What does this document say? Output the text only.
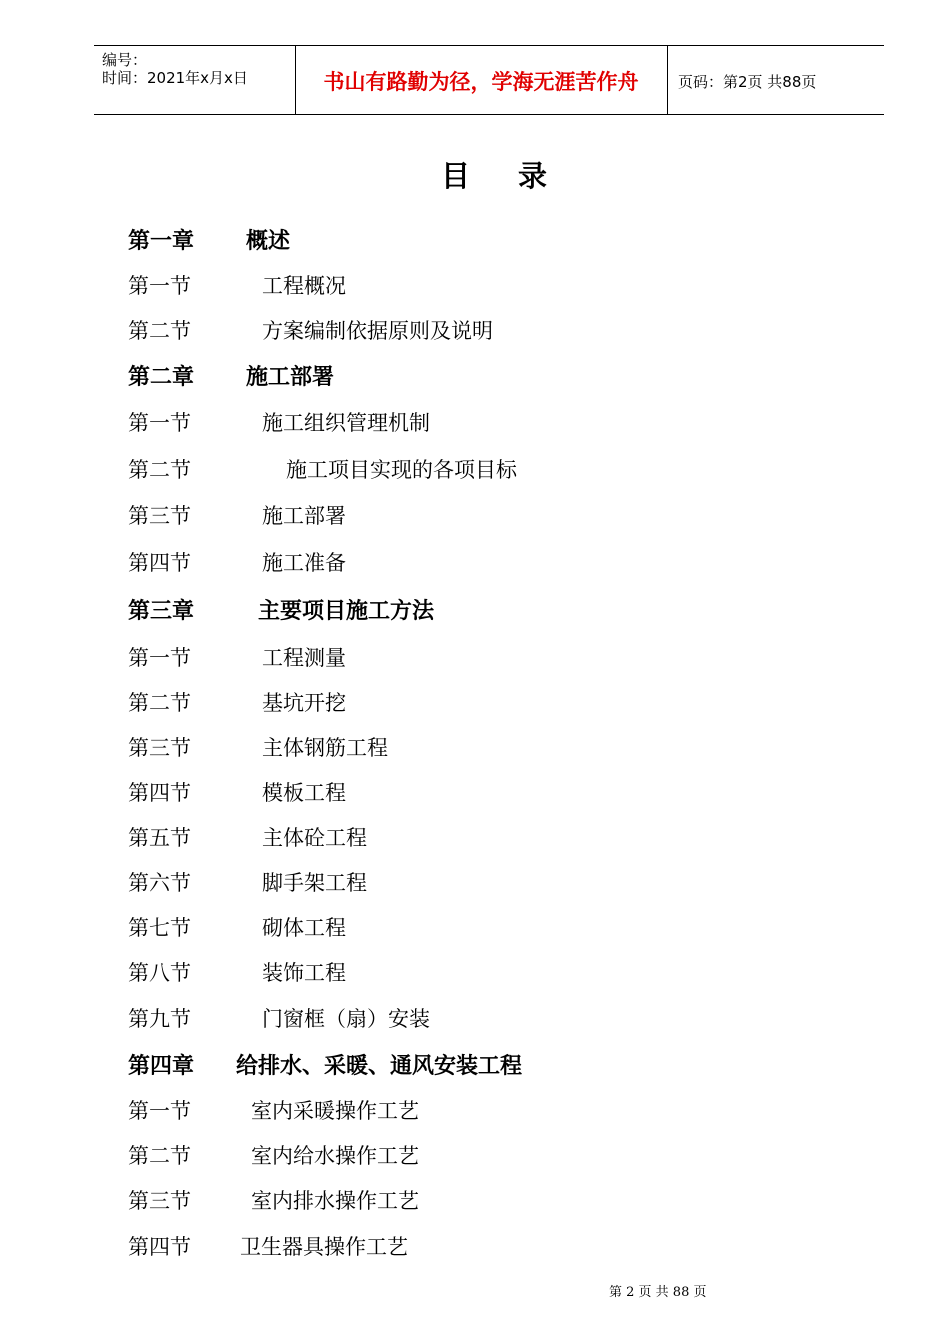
编号：
时间：2021年x月x日	书山有路勤为径，学海无涯苦作舟	页码：第2页 共88页
目录
第一章 概述
第一节	工程概况
第二节	方案编制依据原则及说明
第二章 施工部署
第一节	施工组织管理机制
第二节	施工项目实现的各项目标
第三节	施工部署
第四节	施工准备
第三章	主要项目施工方法
第一节	工程测量
第二节	基坑开挖
第三节	主体钢筋工程
第四节	模板工程
第五节	主体砼工程
第六节	脚手架工程
第七节	砌体工程
第八节	装饰工程
第九节	门窗框（扇）安装
第四章 给排水、采暖、通风安装工程
第一节	室内采暖操作工艺
第二节	室内给水操作工艺
第三节	室内排水操作工艺
第四节 卫生器具操作工艺
第 2 页 共 88 页
